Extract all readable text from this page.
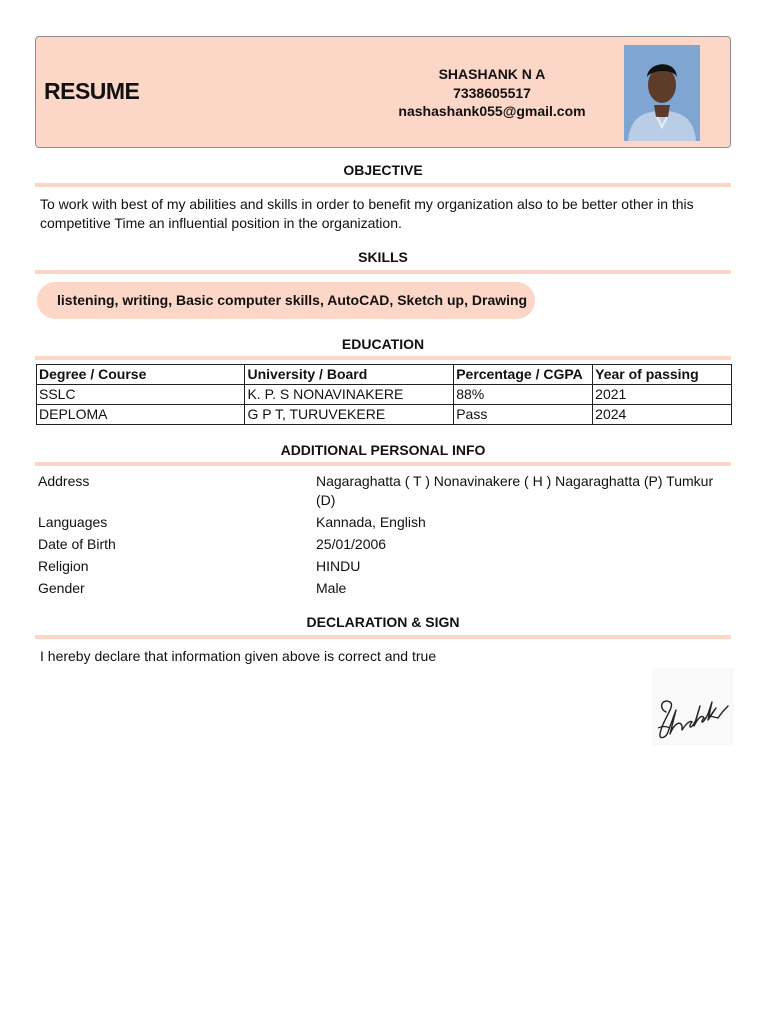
RESUME
SHASHANK N A
7338605517
nashashank055@gmail.com
OBJECTIVE
To work with best of my abilities and skills in order to benefit my organization also to be better other in this competitive Time an influential position in the organization.
SKILLS
listening, writing, Basic computer skills, AutoCAD, Sketch up, Drawing
EDUCATION
Degree / Course	University / Board	Percentage / CGPA	Year of passing
SSLC	K. P. S NONAVINAKERE	88%	2021
DEPLOMA	G P T, TURUVEKERE	Pass	2024
ADDITIONAL PERSONAL INFO
Address	Nagaraghatta ( T ) Nonavinakere ( H ) Nagaraghatta (P) Tumkur (D)
Languages	Kannada, English
Date of Birth	25/01/2006
Religion	HINDU
Gender	Male
DECLARATION & SIGN
I hereby declare that information given above is correct and true
